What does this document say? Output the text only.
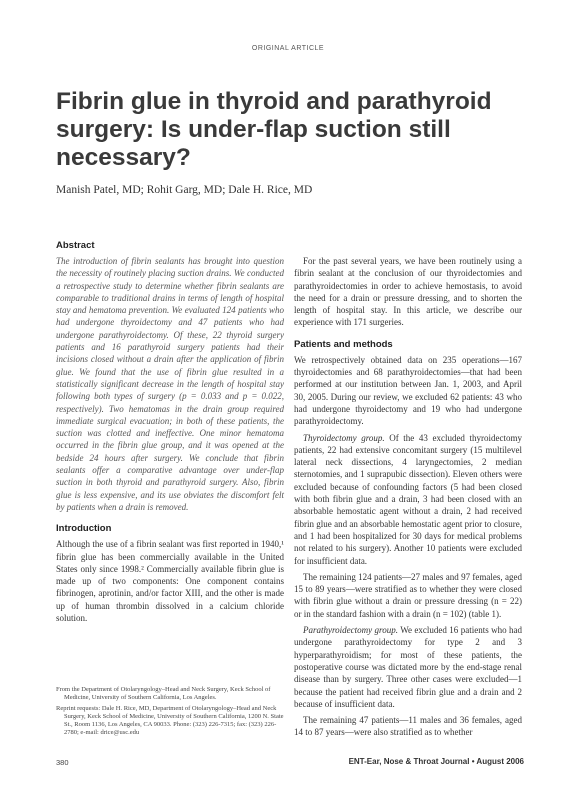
ORIGINAL ARTICLE
Fibrin glue in thyroid and parathyroid surgery: Is under-flap suction still necessary?
Manish Patel, MD; Rohit Garg, MD; Dale H. Rice, MD
Abstract

The introduction of fibrin sealants has brought into question the necessity of routinely placing suction drains. We conducted a retrospective study to determine whether fibrin sealants are comparable to traditional drains in terms of length of hospital stay and hematoma prevention. We evaluated 124 patients who had undergone thyroidectomy and 47 patients who had undergone parathyroidectomy. Of these, 22 thyroid surgery patients and 16 parathyroid surgery patients had their incisions closed without a drain after the application of fibrin glue. We found that the use of fibrin glue resulted in a statistically significant decrease in the length of hospital stay following both types of surgery (p = 0.033 and p = 0.022, respectively). Two hematomas in the drain group required immediate surgical evacuation; in both of these patients, the suction was clotted and ineffective. One minor hematoma occurred in the fibrin glue group, and it was opened at the bedside 24 hours after surgery. We conclude that fibrin sealants offer a comparative advantage over under-flap suction in both thyroid and parathyroid surgery. Also, fibrin glue is less expensive, and its use obviates the discomfort felt by patients when a drain is removed.

Introduction

Although the use of a fibrin sealant was first reported in 1940,¹ fibrin glue has been commercially available in the United States only since 1998.² Commercially available fibrin glue is made up of two components: One component contains fibrinogen, aprotinin, and/or factor XIII, and the other is made up of human thrombin dissolved in a calcium chloride solution.

For the past several years, we have been routinely using a fibrin sealant at the conclusion of our thyroidectomies and parathyroidectomies in order to achieve hemostasis, to avoid the need for a drain or pressure dressing, and to shorten the length of hospital stay. In this article, we describe our experience with 171 surgeries.

Patients and methods

We retrospectively obtained data on 235 operations—167 thyroidectomies and 68 parathyroidectomies—that had been performed at our institution between Jan. 1, 2003, and April 30, 2005. During our review, we excluded 62 patients: 43 who had undergone thyroidectomy and 19 who had undergone parathyroidectomy.

Thyroidectomy group. Of the 43 excluded thyroidectomy patients, 22 had extensive concomitant surgery (15 multilevel lateral neck dissections, 4 laryngectomies, 2 median sternotomies, and 1 suprapubic dissection). Eleven others were excluded because of confounding factors (5 had been closed with both fibrin glue and a drain, 3 had been closed with an absorbable hemostatic agent without a drain, 2 had received fibrin glue and an absorbable hemostatic agent prior to closure, and 1 had been hospitalized for 30 days for medical problems not related to his surgery). Another 10 patients were excluded for insufficient data.

The remaining 124 patients—27 males and 97 females, aged 15 to 89 years—were stratified as to whether they were closed with fibrin glue without a drain or pressure dressing (n = 22) or in the standard fashion with a drain (n = 102) (table 1).

Parathyroidectomy group. We excluded 16 patients who had undergone parathyroidectomy for type 2 and 3 hyperparathyroidism; for most of these patients, the postoperative course was dictated more by the end-stage renal disease than by surgery. Three other cases were excluded—1 because the patient had received fibrin glue and a drain and 2 because of insufficient data.

The remaining 47 patients—11 males and 36 females, aged 14 to 87 years—were also stratified as to whether

From the Department of Otolaryngology–Head and Neck Surgery, Keck School of Medicine, University of Southern California, Los Angeles.

Reprint requests: Dale H. Rice, MD, Department of Otolaryngology–Head and Neck Surgery, Keck School of Medicine, University of Southern California, 1200 N. State St., Room 1136, Los Angeles, CA 90033. Phone: (323) 226-7315; fax: (323) 226-2780; e-mail: drice@usc.edu

380	ENT-Ear, Nose & Throat Journal • August 2006
